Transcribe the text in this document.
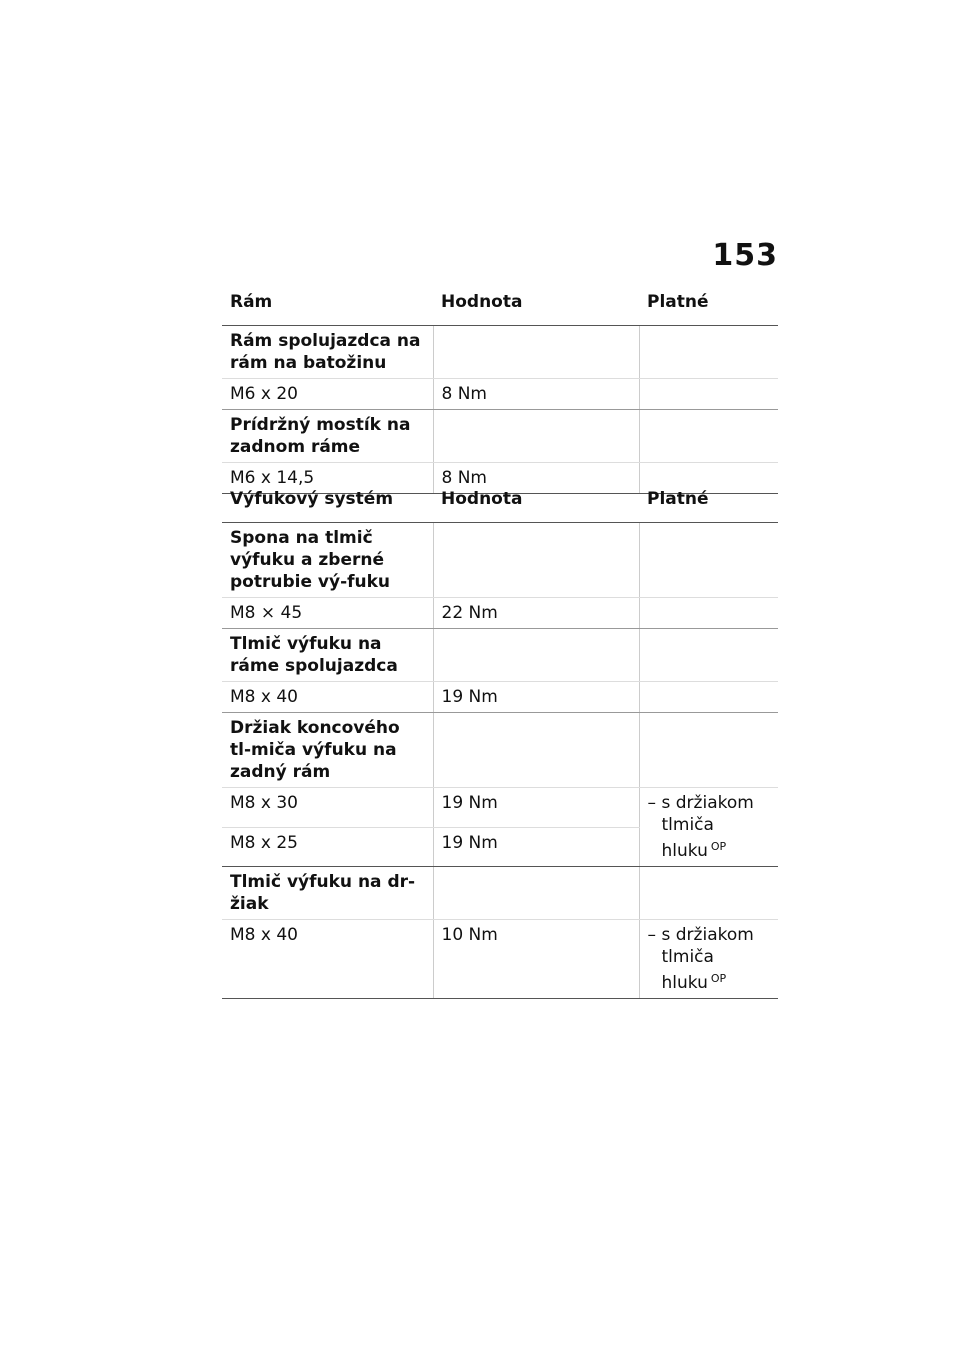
153
Rám	Hodnota	Platné
Rám spolujazdca na rám na batožinu		
M6 x 20	8 Nm	
Prídržný mostík na zadnom ráme		
M6 x 14,5	8 Nm	
Výfukový systém	Hodnota	Platné
Spona na tlmič výfuku a zberné potrubie vý-fuku		
M8 × 45	22 Nm	
Tlmič výfuku na ráme spolujazdca		
M8 x 40	19 Nm	
Držiak koncového tl-miča výfuku na zadný rám		
M8 x 30	19 Nm	– s držiakom
tlmiča
hluku $^{OP}$

M8 x 25	19 Nm	
Tlmič výfuku na dr-žiak		
M8 x 40	10 Nm	– s držiakom
tlmiča
hluku $^{OP}$
